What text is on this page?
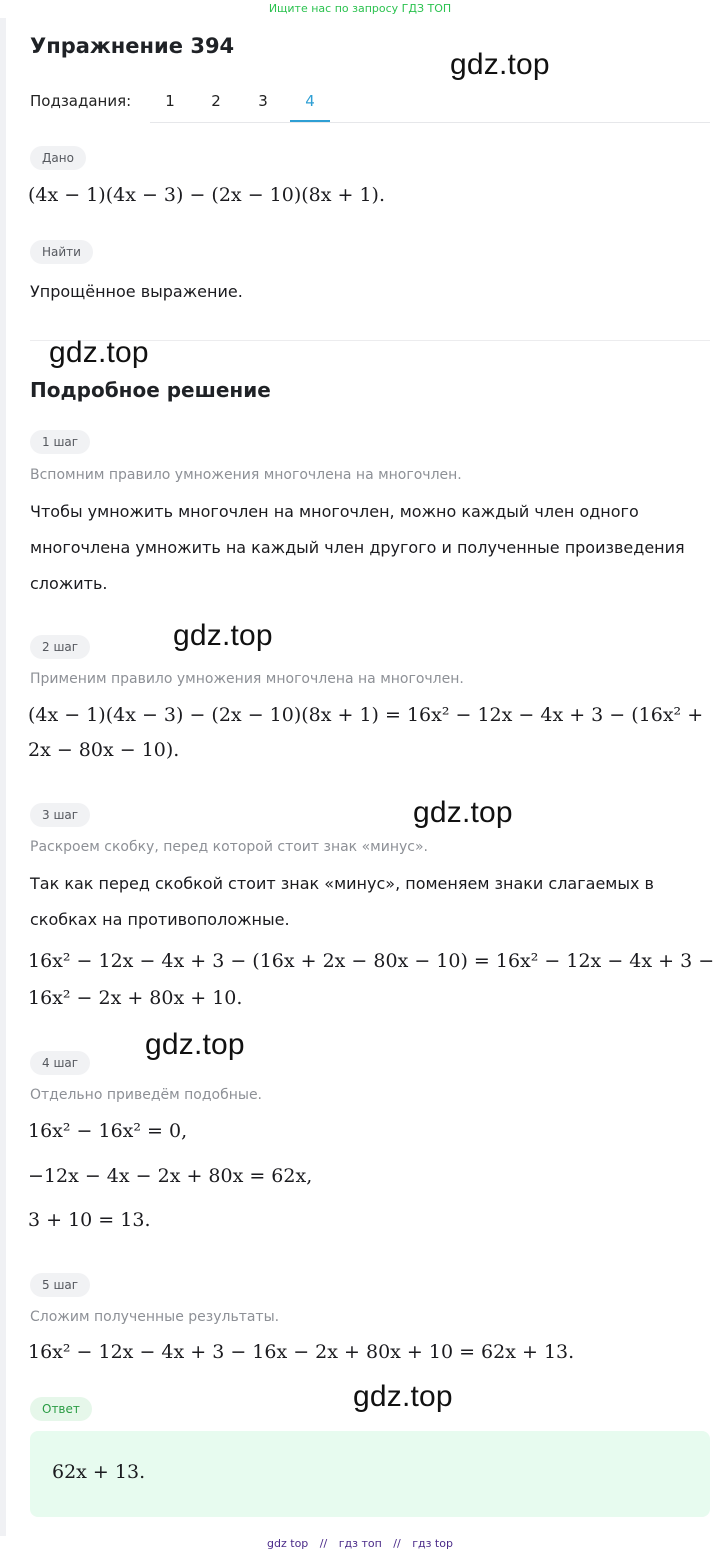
Ищите нас по запросу ГДЗ ТОП
Упражнение 394
Подзадания:	1	2	3	4
Дано
(4x − 1)(4x − 3) − (2x − 10)(8x + 1).
Найти
Упрощённое выражение.
Подробное решение
1 шаг
Вспомним правило умножения многочлена на многочлен.
Чтобы умножить многочлен на многочлен, можно каждый член одного многочлена умножить на каждый член другого и полученные произведения сложить.
2 шаг
Применим правило умножения многочлена на многочлен.
(4x − 1)(4x − 3) − (2x − 10)(8x + 1) = 16x² − 12x − 4x + 3 − (16x² +
2x − 80x − 10).
3 шаг
Раскроем скобку, перед которой стоит знак «минус».
Так как перед скобкой стоит знак «минус», поменяем знаки слагаемых в скобках на противоположные.
16x² − 12x − 4x + 3 − (16x + 2x − 80x − 10) = 16x² − 12x − 4x + 3 −
16x² − 2x + 80x + 10.
4 шаг
Отдельно приведём подобные.
16x² − 16x² = 0,
−12x − 4x − 2x + 80x = 62x,
3 + 10 = 13.
5 шаг
Сложим полученные результаты.
16x² − 12x − 4x + 3 − 16x − 2x + 80x + 10 = 62x + 13.
Ответ
62x + 13.
gdz.top
gdz.top
gdz.top
gdz.top
gdz.top
gdz.top
gdz top // гдз топ // гдз top
